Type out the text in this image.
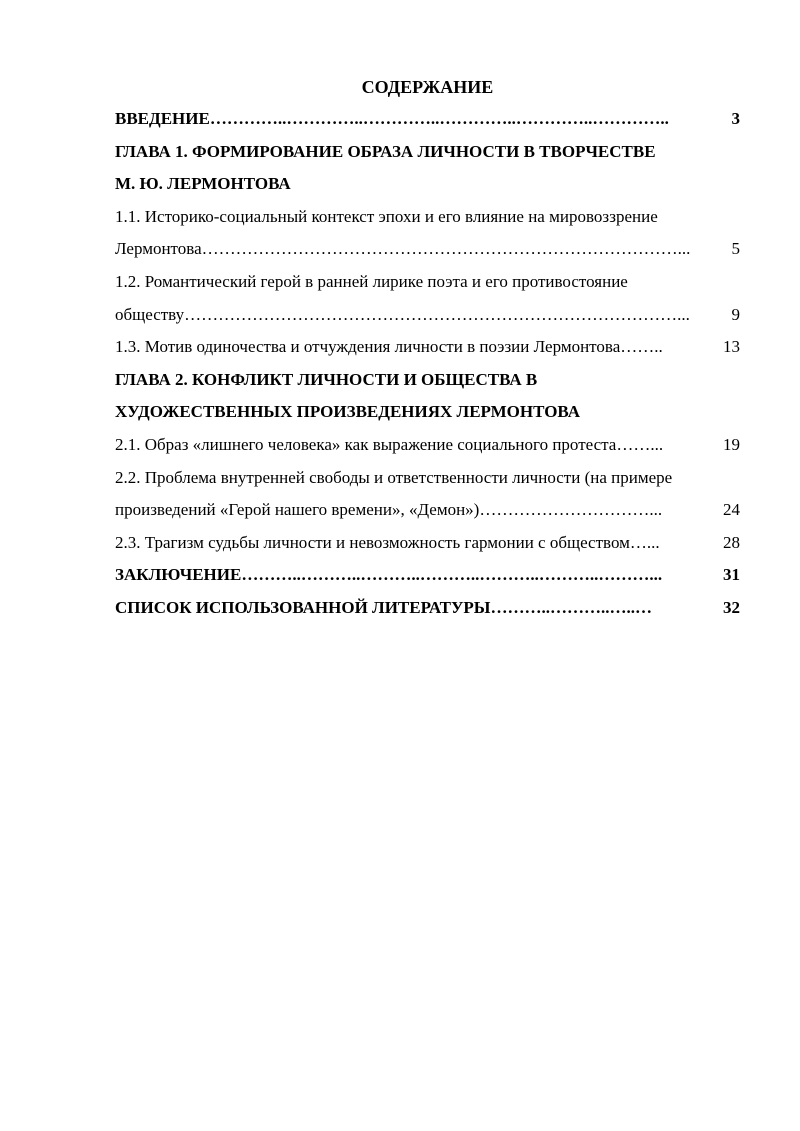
СОДЕРЖАНИЕ
ВВЕДЕНИЕ …………..…………..…………..…………..…………..…………..	3
ГЛАВА 1. ФОРМИРОВАНИЕ ОБРАЗА ЛИЧНОСТИ В ТВОРЧЕСТВЕ
М. Ю. ЛЕРМОНТОВА
1.1. Историко-социальный контекст эпохи и его влияние на мировоззрение
Лермонтова …………………………………………………………………………...	5
1.2. Романтический герой в ранней лирике поэта и его противостояние
обществу ……………………………………………………………………………...	9
1.3. Мотив одиночества и отчуждения личности в поэзии Лермонтова ……..	13
ГЛАВА 2. КОНФЛИКТ ЛИЧНОСТИ И ОБЩЕСТВА В
ХУДОЖЕСТВЕННЫХ ПРОИЗВЕДЕНИЯХ ЛЕРМОНТОВА
2.1. Образ «лишнего человека» как выражение социального протеста ……...	19
2.2. Проблема внутренней свободы и ответственности личности (на примере
произведений «Герой нашего времени», «Демон») …………………………...	24
2.3. Трагизм судьбы личности и невозможность гармонии с обществом …...	28
ЗАКЛЮЧЕНИЕ ………..………..………..………..………..………..………...	31
СПИСОК ИСПОЛЬЗОВАННОЙ ЛИТЕРАТУРЫ ………..………..…..…	32
